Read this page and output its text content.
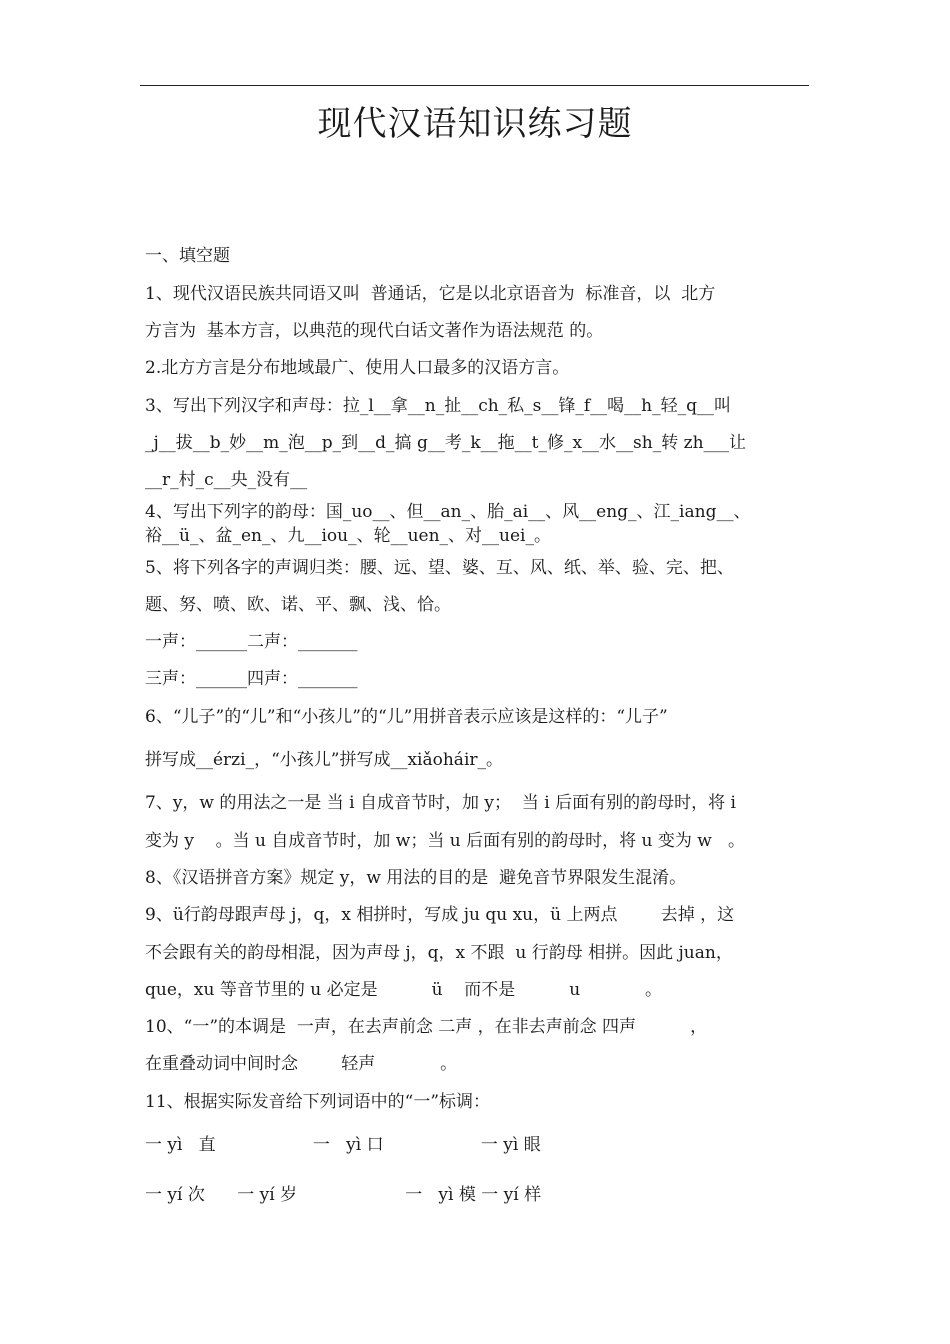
现代汉语知识练习题
一、填空题
1、现代汉语民族共同语又叫  普通话，它是以北京语音为  标准音，以  北方
方言为  基本方言，以典范的现代白话文著作为语法规范 的。
2.北方方言是分布地域最广、使用人口最多的汉语方言。
3、写出下列汉字和声母：拉_l__拿__n_扯__ch_私_s__锋_f__喝__h_轻_q__叫
_j__拔__b_妙__m_泡__p_到__d_搞 g__考_k__拖__t_修_x__水__sh_转 zh___让
__r_村_c__央_没有__
4、写出下列字的韵母：国_uo__、但__an_、胎_ai__、风__eng_、江_iang__、
裕__ü_、盆_en_、九__iou_、轮__uen_、对__uei_。
5、将下列各字的声调归类：腰、远、望、婆、互、风、纸、举、验、完、把、
题、努、喷、欧、诺、平、飘、浅、恰。
一声：______二声：_______
三声：______四声：_______
6、“儿子”的“儿”和“小孩儿”的“儿”用拼音表示应该是这样的：“儿子”
拼写成__érzi_，“小孩儿”拼写成__xiǎoháir_。
7、y，w 的用法之一是 当 i 自成音节时，加 y；  当 i 后面有别的韵母时，将 i
变为 y    。当 u 自成音节时，加 w；当 u 后面有别的韵母时，将 u 变为 w   。
8、《汉语拼音方案》规定 y，w 用法的目的是  避免音节界限发生混淆。
9、ü行韵母跟声母 j，q，x 相拼时，写成 ju qu xu，ü 上两点        去掉 ，这
不会跟有关的韵母相混，因为声母 j，q，x 不跟  u 行韵母 相拼。因此 juan，
que，xu 等音节里的 u 必定是          ü    而不是          u            。
10、“一”的本调是  一声，在去声前念 二声 ，在非去声前念 四声          ，
在重叠动词中间时念        轻声            。
11、根据实际发音给下列词语中的“一”标调：
一 yì   直                  一   yì 口                  一 yì 眼
一 yí 次      一 yí 岁                    一   yì 模 一 yí 样
